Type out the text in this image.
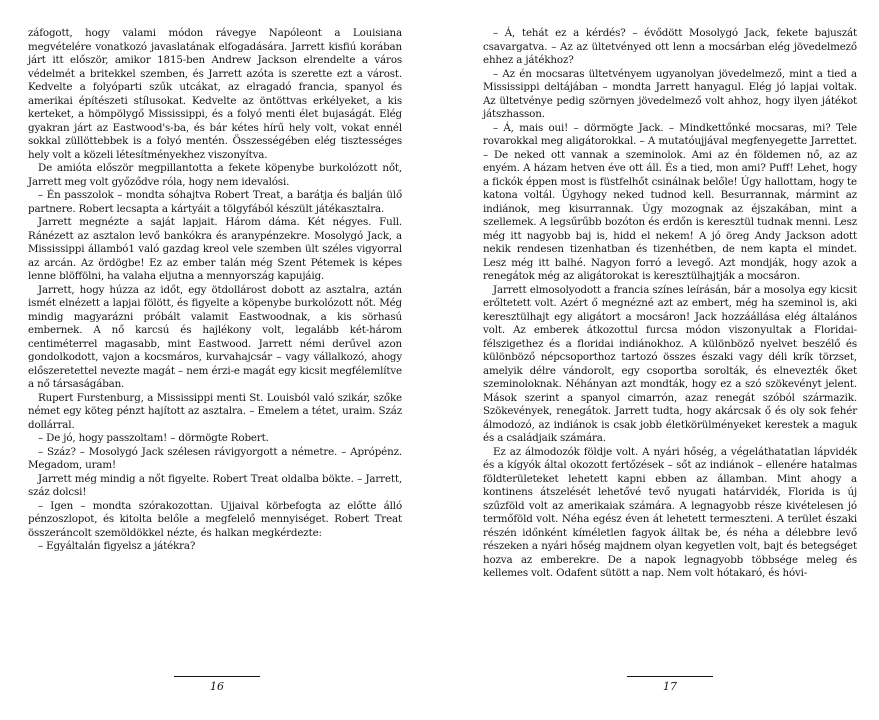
záfogott, hogy valami módon rávegye Napóleont a Louisiana megvételére vonatkozó javaslatának elfogadására. Jarrett kisfiú korában járt itt először, amikor 1815-ben Andrew Jackson elrendelte a város védelmét a britekkel szemben, és Jarrett azóta is szerette ezt a várost. Kedvelte a folyóparti szűk utcákat, az elragadó francia, spanyol és amerikai építészeti stílusokat. Kedvelte az öntöttvas erkélyeket, a kis kerteket, a hömpölygő Mississippi, és a folyó menti élet bujaságát. Elég gyakran járt az Eastwood's-ba, és bár kétes hírű hely volt, vokat ennél sokkal züllöttebbek is a folyó mentén. Összességében elég tisztességes hely volt a közeli létesítményekhez viszonyítva.

De amióta először megpillantotta a fekete köpenybe burkolózott nőt, Jarrett meg volt győződve róla, hogy nem idevalósi.

– Én passzolok – mondta sóhajtva Robert Treat, a barátja és balján ülő partnere. Robert lecsapta a kártyáit a tölgyfából készült játékasztalra.

Jarrett megnézte a saját lapjait. Három dáma. Két négyes. Full. Ránézett az asztalon levő bankókra és aranypénzekre. Mosolygó Jack, a Mississippi állambó1 való gazdag kreol vele szemben ült széles vigyorral az arcán. Az ördögbe! Ez az ember talán még Szent Pétemek is képes lenne blöffölni, ha valaha eljutna a mennyország kapujáig.

Jarrett, hogy húzza az időt, egy ötdollárost dobott az asztalra, aztán ismét elnézett a lapjai fölött, és figyelte a köpenybe burkolózott nőt. Még mindig magyarázni próbált valamit Eastwoodnak, a kis sörhasú embernek. A nő karcsú és hajlékony volt, legalább két-három centiméterrel magasabb, mint Eastwood. Jarrett némi derűvel azon gondolkodott, vajon a kocsmáros, kurvahajcsár – vagy vállalkozó, ahogy előszeretettel nevezte magát – nem érzi-e magát egy kicsit megfélemlítve a nő társaságában.

Rupert Furstenburg, a Mississippi menti St. Louisból való szikár, szőke német egy köteg pénzt hajított az asztalra. – Emelem a tétet, uraim. Száz dollárral.

– De jó, hogy passzoltam! – dörmögte Robert.

– Száz? – Mosolygó Jack szélesen rávigyorgott a németre. – Aprópénz. Megadom, uram!

Jarrett még mindig a nőt figyelte. Robert Treat oldalba bökte. – Jarrett, száz dolcsi!

– Igen – mondta szórakozottan. Ujjaival körbefogta az előtte álló pénzoszlopot, és kitolta belőle a megfelelő mennyiséget. Robert Treat összeráncolt szemöldökkel nézte, és halkan megkérdezte:

– Egyáltalán figyelsz a játékra?

16

– Á, tehát ez a kérdés? – évődött Mosolygó Jack, fekete bajuszát csavargatva. – Az az ültetvényed ott lenn a mocsárban elég jövedelmező ehhez a játékhoz?

– Az én mocsaras ültetvényem ugyanolyan jövedelmező, mint a tied a Mississippi deltájában – mondta Jarrett hanyagul. Elég jó lapjai voltak. Az ültetvénye pedig szörnyen jövedelmező volt ahhoz, hogy ilyen játékot játszhasson.

– Á, mais oui! – dörmögte Jack. – Mindkettőnké mocsaras, mi? Tele rovarokkal meg aligátorokkal. – A mutatóujjával megfenyegette Jarrettet. – De neked ott vannak a szeminolok. Ami az én földemen nő, az az enyém. A házam hetven éve ott áll. És a tied, mon ami? Puff! Lehet, hogy a fickók éppen most is füstfelhőt csinálnak belőle! Úgy hallottam, hogy te katona voltál. Úgyhogy neked tudnod kell. Besurrannak, mármint az indiánok, meg kisurrannak. Úgy mozognak az éjszakában, mint a szellemek. A legsűrűbb bozóton és erdőn is keresztül tudnak menni. Lesz még itt nagyobb baj is, hidd el nekem! A jó öreg Andy Jackson adott nekik rendesen tizenhatban és tizenhétben, de nem kapta el mindet. Lesz még itt balhé. Nagyon forró a levegő. Azt mondják, hogy azok a renegátok még az aligátorokat is keresztülhajtják a mocsáron.

Jarrett elmosolyodott a francia színes leírásán, bár a mosolya egy kicsit erőltetett volt. Azért ő megnézné azt az embert, még ha szeminol is, aki keresztülhajt egy aligátort a mocsáron! Jack hozzáállása elég általános volt. Az emberek átkozottul furcsa módon viszonyultak a Floridai-félszigethez és a floridai indiánokhoz. A különböző nyelvet beszélő és különböző népcsoporthoz tartozó összes északi vagy déli krík törzset, amelyik délre vándorolt, egy csoportba sorolták, és elnevezték őket szeminoloknak. Néhányan azt mondták, hogy ez a szó szökevényt jelent. Mások szerint a spanyol cimarrón, azaz renegát szóból származik. Szökevények, renegátok. Jarrett tudta, hogy akárcsak ő és oly sok fehér álmodozó, az indiánok is csak jobb életkörülményeket kerestek a maguk és a családjaik számára.

Ez az álmodozók földje volt. A nyári hőség, a végeláthatatlan lápvidék és a kígyók által okozott fertőzések – sőt az indiánok – ellenére hatalmas földterületeket lehetett kapni ebben az államban. Mint ahogy a kontinens átszelését lehetővé tevő nyugati határvidék, Florida is új szűzföld volt az amerikaiak számára. A legnagyobb része kivételesen jó termőföld volt. Néha egész éven át lehetett termeszteni. A terület északi részén időnként kíméletlen fagyok álltak be, és néha a délebbre levő részeken a nyári hőség majdnem olyan kegyetlen volt, bajt és betegséget hozva az emberekre. De a napok legnagyobb többsége meleg és kellemes volt. Odafent sütött a nap. Nem volt hótakaró, és hóvi-

17
